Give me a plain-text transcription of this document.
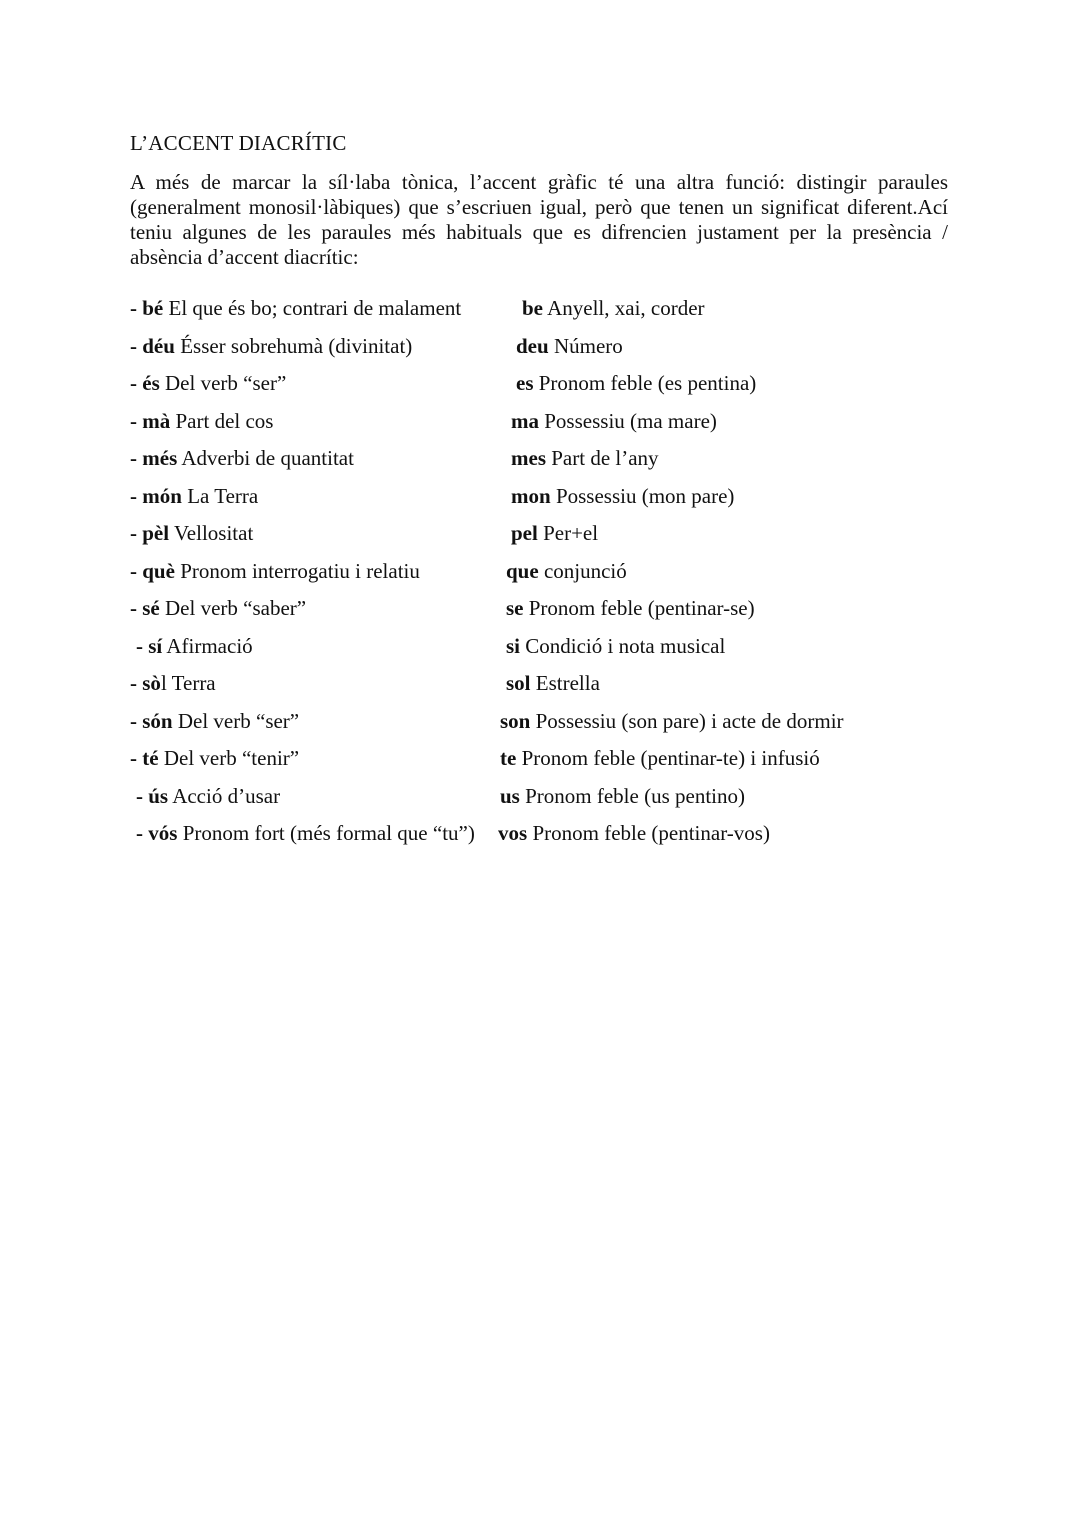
L’ACCENT DIACRÍTIC

A més de marcar la síl·laba tònica, l’accent gràfic té una altra funció: distingir paraules (generalment monosil·làbiques) que s’escriuen igual, però que tenen un significat diferent.Ací teniu algunes de les paraules més habituals que es difrencien justament per la presència / absència d’accent diacrític:

- bé El que és bo; contrari de malament	be Anyell, xai, corder
- déu Ésser sobrehumà (divinitat)	deu Número
- és Del verb “ser”	es Pronom feble (es pentina)
- mà Part del cos	ma Possessiu (ma mare)
- més Adverbi de quantitat	mes Part de l’any
- món La Terra	mon Possessiu (mon pare)
- pèl Vellositat	pel Per+el
- què Pronom interrogatiu i relatiu	que conjunció
- sé Del verb “saber”	se Pronom feble (pentinar-se)
- sí Afirmació	si Condició i nota musical
- sòl Terra	sol Estrella
- són Del verb “ser”	son Possessiu (son pare) i acte de dormir
- té Del verb “tenir”	te Pronom feble (pentinar-te) i infusió
- ús Acció d’usar	us Pronom feble (us pentino)
- vós Pronom fort (més formal que “tu”) vos Pronom feble (pentinar-vos)
